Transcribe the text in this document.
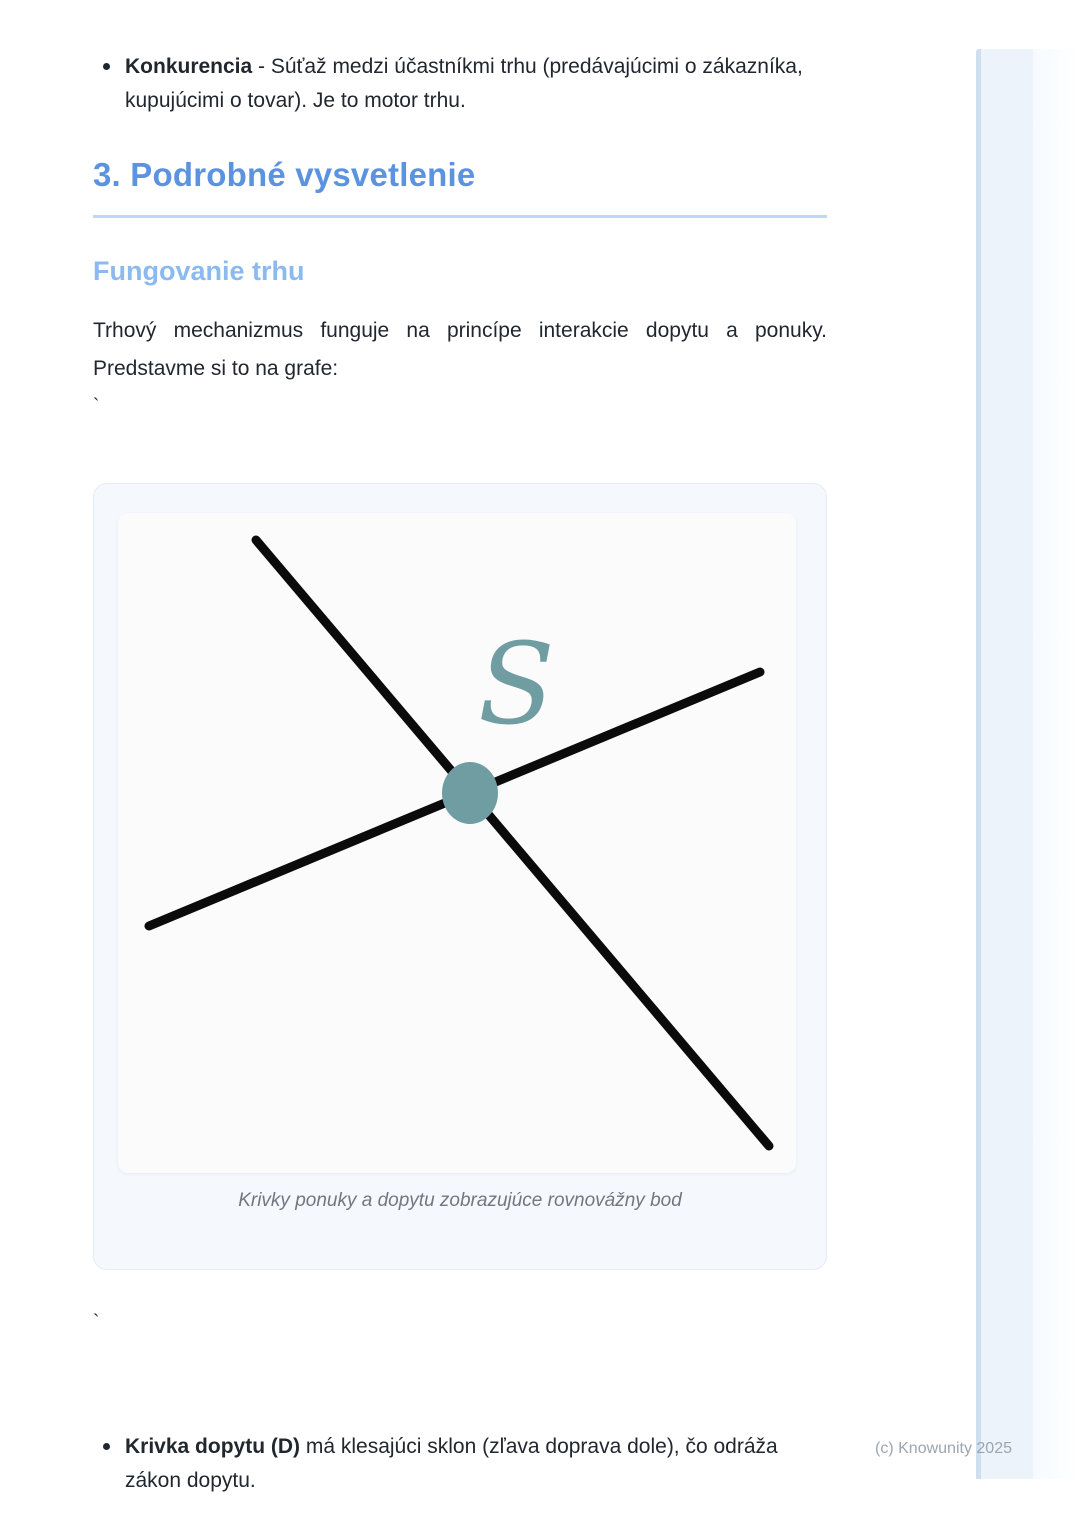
Konkurencia - Súťaž medzi účastníkmi trhu (predávajúcimi o zákazníka, kupujúcimi o tovar). Je to motor trhu.
3. Podrobné vysvetlenie
Fungovanie trhu
Trhový mechanizmus funguje na princípe interakcie dopytu a ponuky. Predstavme si to na grafe:
`
S
Krivky ponuky a dopytu zobrazujúce rovnovážny bod
`
Krivka dopytu (D) má klesajúci sklon (zľava doprava dole), čo odráža zákon dopytu.
(c) Knowunity 2025
